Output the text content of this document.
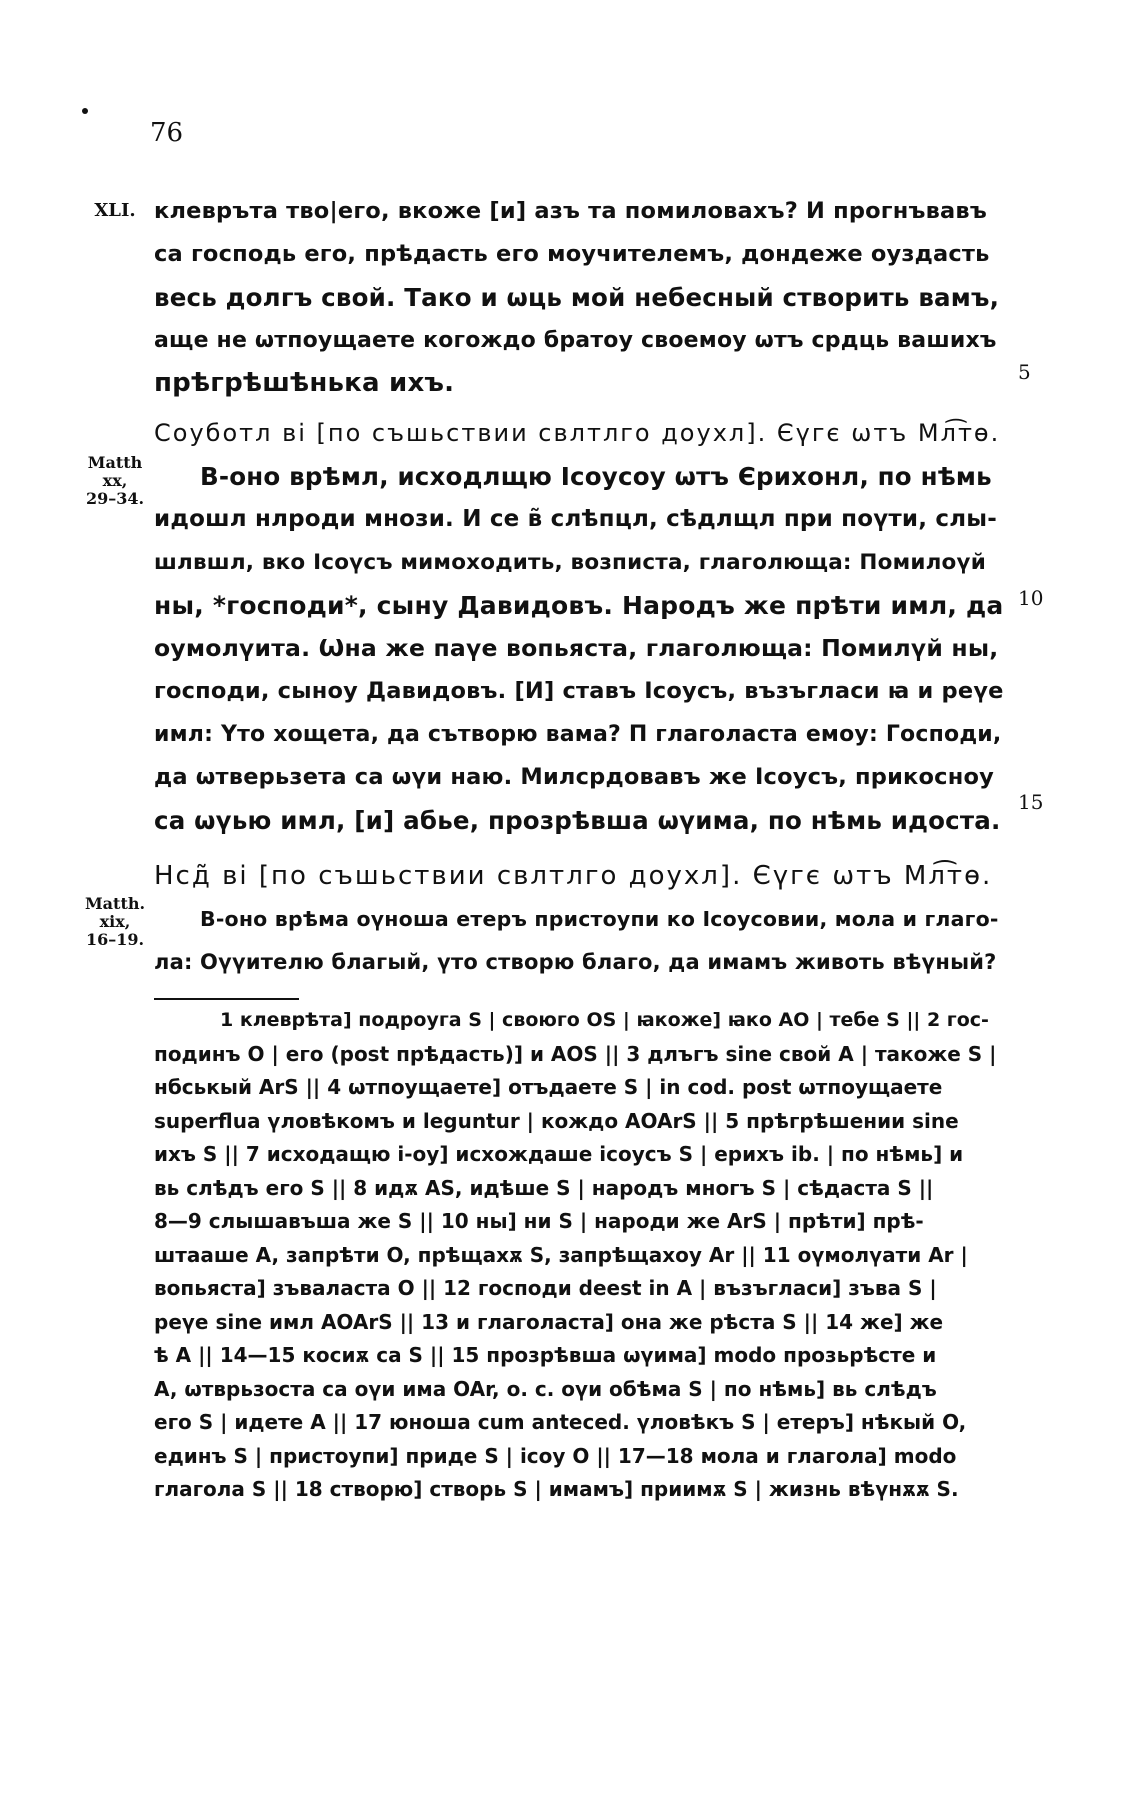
76
XLI. клевръта тво|его, вкоже [и] азъ та помиловахъ? И прогнъвавъ
са господь его, прѣдасть его моучителемъ, дондеже оуздасть
весь долгъ свой. Тако и ѡць мой небесный створить вамъ,
аще не ѡтпоущаете когождо братоу своемоу ѡтъ срдць вашихъ
прѣгрѣшѣнька ихъ.	5
Соуботл ві [по съшьствии свлтлго доухл]. Єүгє ѡтъ Мл͡тѳ.
В-оно врѣмл, исходлщю Ісоусоу ѡтъ Єрихонл, по нѣмь
идошл нлроди мнози. И се в̃ слѣпцл, сѣдлщл при поүти, слы-
шлвшл, вко Ісоүсъ мимоходить, возписта, глаголюща: Помилоүй
ны, *господи*, сыну Давидовъ. Народъ же прѣти имл, да
оумолүита. Ѡна же пaүе вопьяста, глаголюща: Помилүй ны,
господи, сыноу Давидовъ. [И] ставъ Ісоусъ, възъгласи ꙗ и реүе
имл: Үто хощета, да сътворю вама? П глаголаста емоу: Господи,
да ѡтверьзета са ѡүи наю. Милсрдовавъ же Ісоусъ, прикосноу
са ѡүью имл, [и] абье, прозрѣвша ѡүима, по нѣмь идоста.
Matth
xx,
29–34.
10
15
Нсд̃ ві [по съшьствии свлтлго доухл]. Єүгє ѡтъ Мл͡тѳ.
В-оно врѣма оүноша етеръ пристоупи ко Ісоусовии, мола и глаго-
ла: Оүүителю благый, үто створю благо, да имамъ животь вѣүный?
Matth.
xix,
16–19.
1 клеврѣта] подроуга S | своюго OS | ꙗкоже] ꙗко AO | тебе S || 2 гос-
подинъ O | его (post прѣдасть)] и AOS || 3 длъгъ sine свой A | такоже S |
нбськый ArS || 4 ѡтпоущаете] отъдаете S | in cod. post ѡтпоущаете
superflua үловѣкомъ и leguntur | кождо AOArS || 5 прѣгрѣшении sine
ихъ S || 7 исходащю і-оу] исхождаше ісоусъ S | ерихъ ib. | по нѣмь] и
вь слѣдъ его S || 8 идѫ AS, идѣше S | народъ многъ S | сѣдаста S ||
8—9 слышавъша же S || 10 ны] ни S | народи же ArS | прѣти] прѣ-
штааше A, запрѣти O, прѣщахѫ S, запрѣщахоу Ar || 11 оүмолүати Ar |
вопьяста] зъваласта O || 12 господи deest in A | възъгласи] зъва S |
реүе sine имл AOArS || 13 и глаголаста] она же рѣста S || 14 же] же
ѣ A || 14—15 косиѫ са S || 15 прозрѣвша ѡүима] modo прозьрѣсте и
A, ѡтврьзоста са оүи има OAr, о. с. оүи обѣма S | по нѣмь] вь слѣдъ
его S | идете A || 17 юноша cum anteced. үловѣкъ S | етеръ] нѣкый O,
единъ S | пристоупи] приде S | ісоу O || 17—18 мола и глагола] modo
глагола S || 18 створю] створь S | имамъ] приимѫ S | жизнь вѣүнѫѫ S.
